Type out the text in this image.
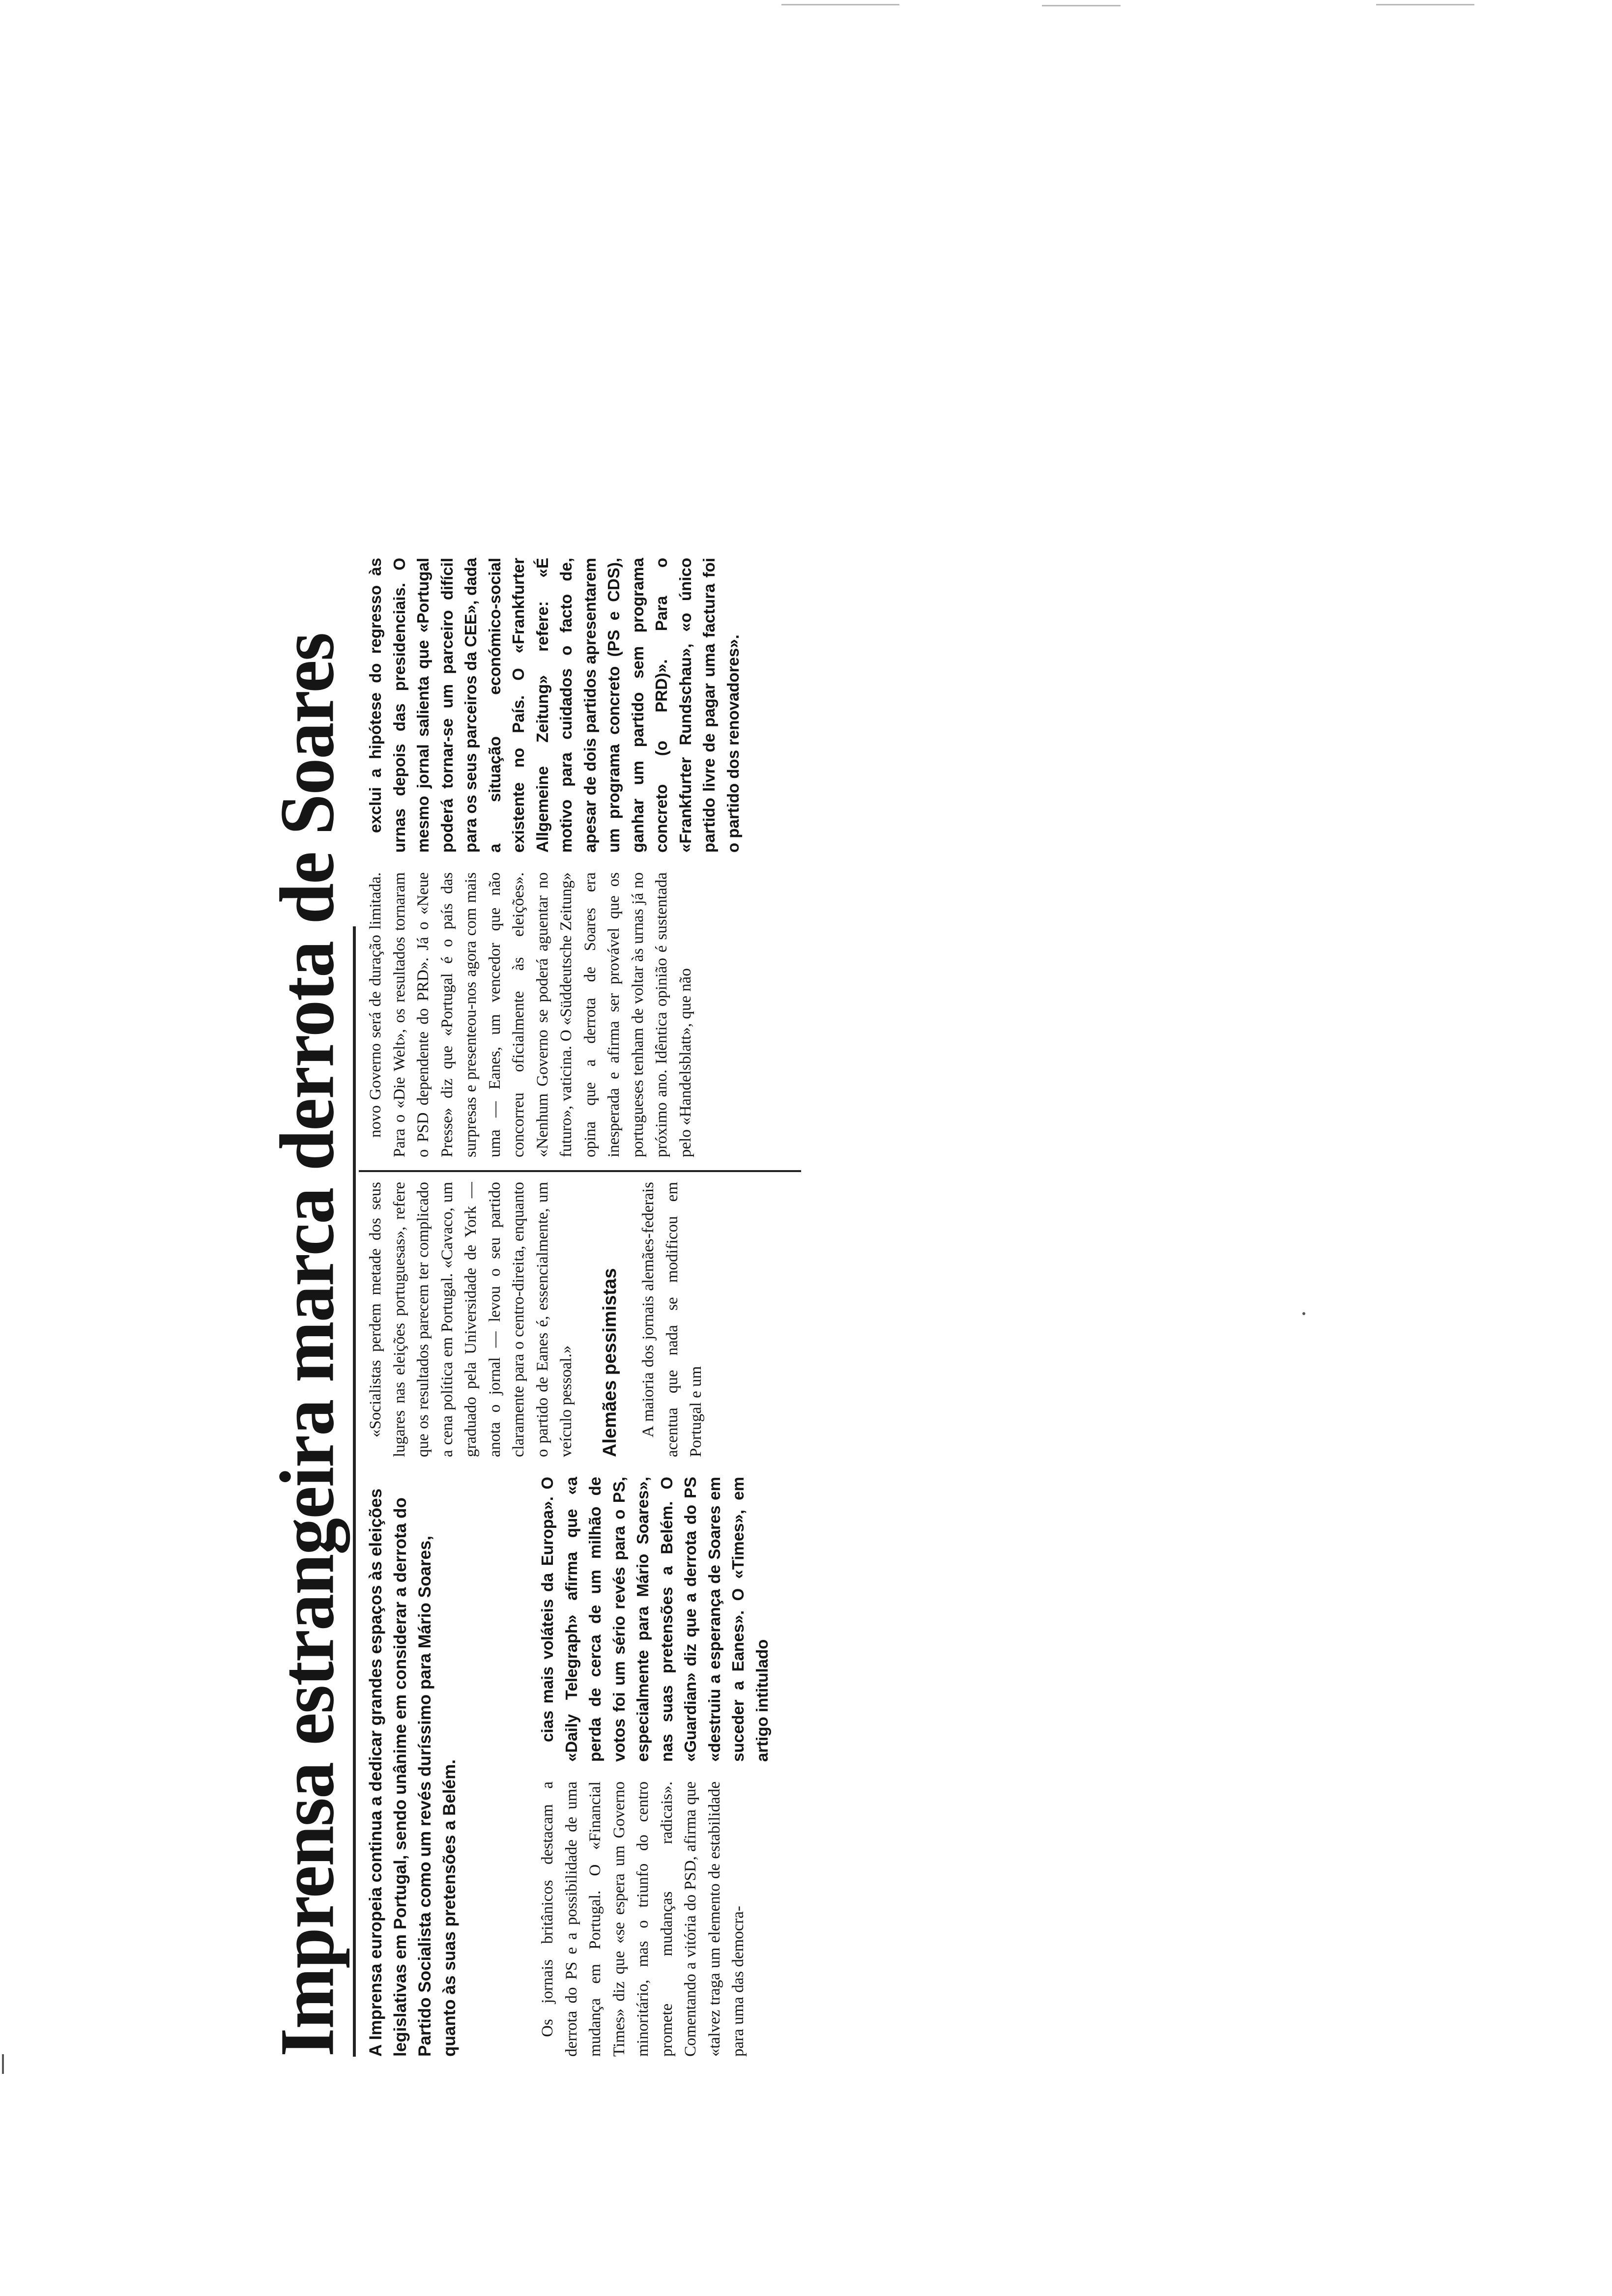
Imprensa estrangeira marca derrota de Soares A Imprensa europeia continua a dedicar grandes espaços às eleições legislativas em Portugal, sendo unânime em considerar a derrota do Partido Socialista como um revés duríssimo para Mário Soares, quanto às suas pretensões a Belém.	Os jornais britânicos destacam a derrota do PS e a possibilidade de uma mudança em Portugal. O «Financial Times» diz que «se espera um Governo minoritário, mas o triunfo do centro promete mudanças radicais». Comentando a vitória do PSD, afirma que «talvez traga um elemento de estabilidade para uma das democra-

cias mais voláteis da Europa». O «Daily Telegraph» afirma que «a perda de cerca de um milhão de votos foi um sério revés para o PS, especialmente para Mário Soares», nas suas pretensões a Belém. O «Guardian» diz que a derrota do PS «destruiu a esperança de Soares em suceder a Eanes». O «Times», em artigo intitulado

«Socialistas perdem metade dos seus lugares nas eleições portuguesas», refere que os resultados parecem ter complicado a cena política em Portugal. «Cavaco, um graduado pela Universidade de York — anota o jornal — levou o seu partido claramente para o centro-direita, enquanto o partido de Eanes é, essencialmente, um veículo pessoal.» Alemães pessimistas A maioria dos jornais alemães-federais acentua que nada se modificou em Portugal e um

novo Governo será de duração limitada. Para o «Die Welt», os resultados tornaram o PSD dependente do PRD». Já o «Neue Presse» diz que «Portugal é o país das surpresas e presenteou-nos agora com mais uma — Eanes, um vencedor que não concorreu oficialmente às eleições». «Nenhum Governo se poderá aguentar no futuro», vaticina. O «Süddeutsche Zeitung» opina que a derrota de Soares era inesperada e afirma ser provável que os portugueses tenham de voltar às urnas já no próximo ano. Idêntica opinião é sustentada pelo «Handelsblatt», que não

exclui a hipótese do regresso às urnas depois das presidenciais. O mesmo jornal salienta que «Portugal poderá tornar-se um parceiro difícil para os seus parceiros da CEE», dada a situação económico-social existente no País. O «Frankfurter Allgemeine Zeitung» refere: «É motivo para cuidados o facto de, apesar de dois partidos apresentarem um programa concreto (PS e CDS), ganhar um partido sem programa concreto (o PRD)». Para o «Frankfurter Rundschau», «o único partido livre de pagar uma factura foi o partido dos renovadores».
